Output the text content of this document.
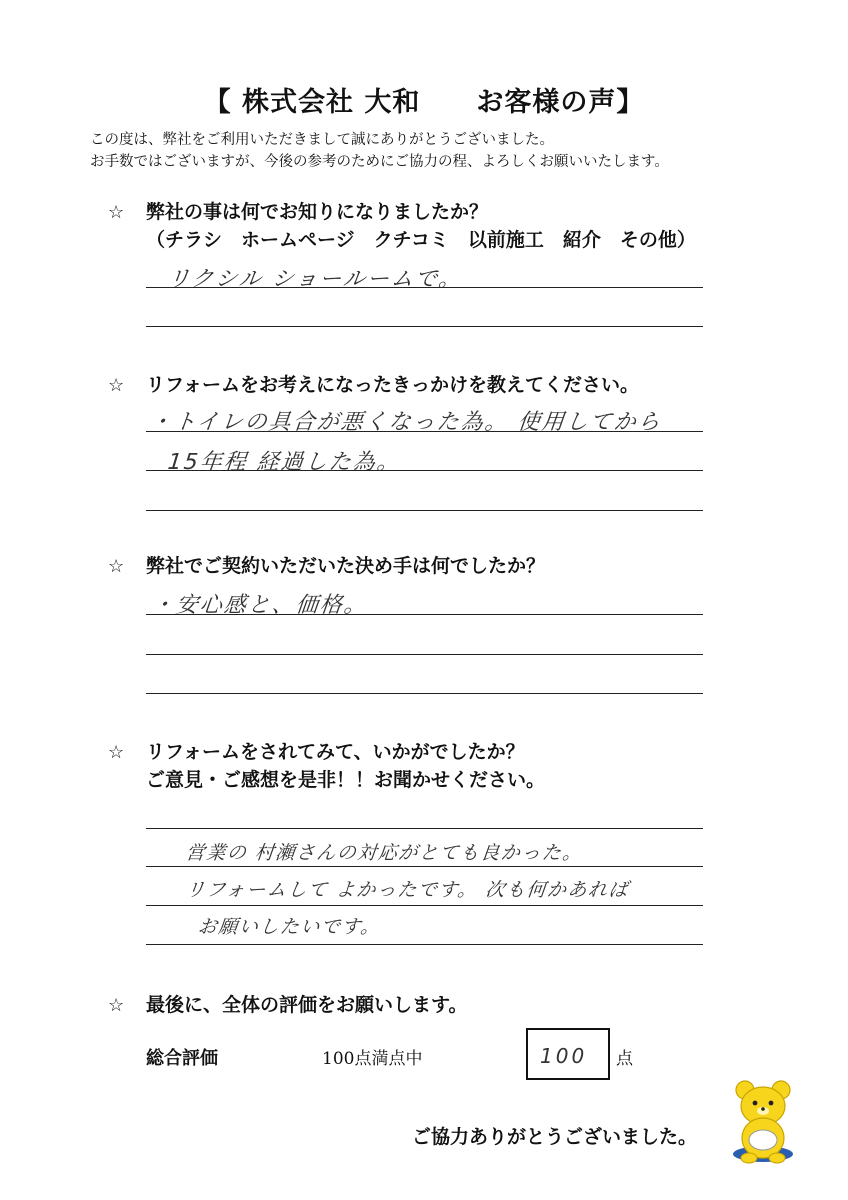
【 株式会社 大和　　お客様の声】
この度は、弊社をご利用いただきまして誠にありがとうございました。
お手数ではございますが、今後の参考のためにご協力の程、よろしくお願いいたします。
☆ 弊社の事は何でお知りになりましたか？
（チラシ　ホームページ　クチコミ　以前施工　紹介　その他）
リクシル ショールームで。
☆ リフォームをお考えになったきっかけを教えてください。
・トイレの具合が悪くなった為。 使用してから
15年程 経過した為。
☆ 弊社でご契約いただいた決め手は何でしたか？
・安心感と、価格。
☆ リフォームをされてみて、いかがでしたか？
ご意見・ご感想を是非！！お聞かせください。
営業の 村瀬さんの対応がとても良かった。
リフォームして よかったです。 次も何かあれば
お願いしたいです。
☆ 最後に、全体の評価をお願いします。
総合評価	100点満点中	100 点
ご協力ありがとうございました。
